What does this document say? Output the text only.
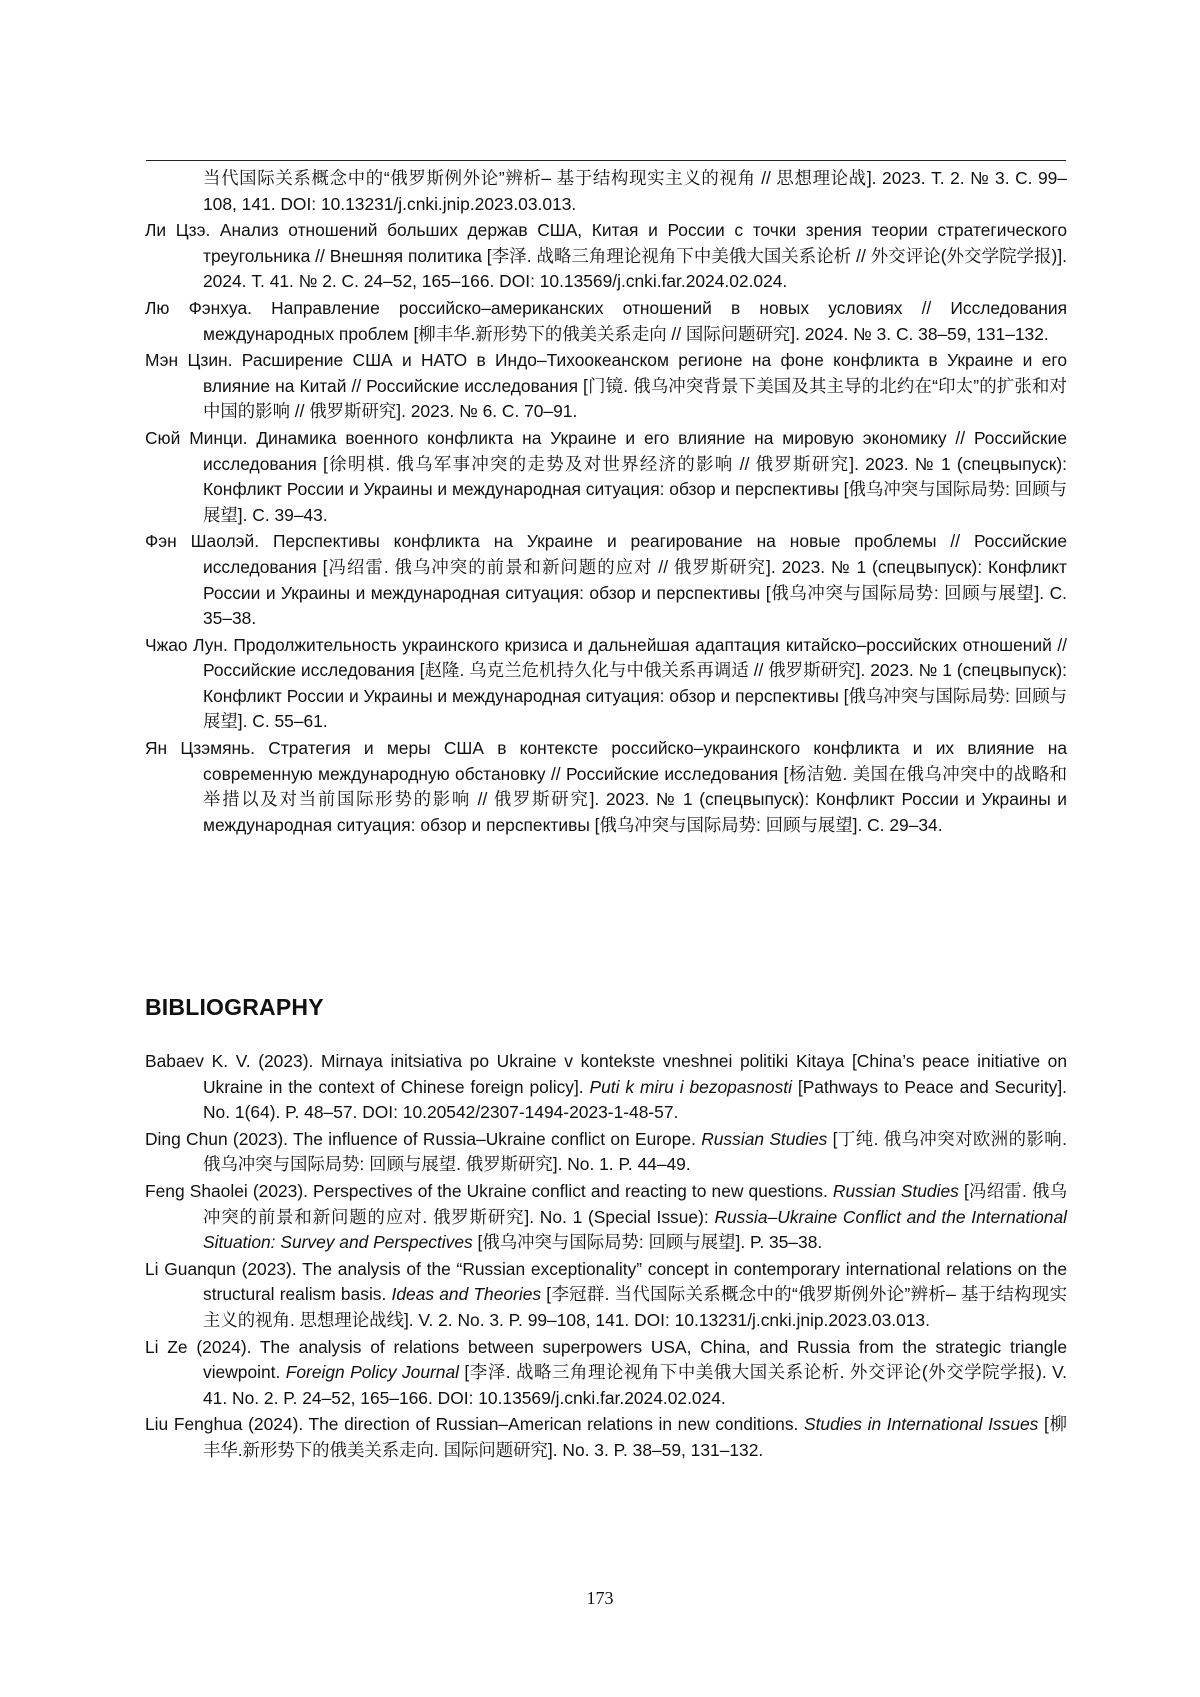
当代国际关系概念中的“俄罗斯例外论”辨析– 基于结构现实主义的视角 // 思想理论战]. 2023. Т. 2. № 3. С. 99–108, 141. DOI: 10.13231/j.cnki.jnip.2023.03.013.

Ли Цзэ. Анализ отношений больших держав США, Китая и России с точки зрения теории стратегического треугольника // Внешняя политика [李泽. 战略三角理论视角下中美俄大国关系论析 // 外交评论(外交学院学报)]. 2024. Т. 41. № 2. С. 24–52, 165–166. DOI: 10.13569/j.cnki.far.2024.02.024.

Лю Фэнхуа. Направление российско–американских отношений в новых условиях // Исследования международных проблем [柳丰华.新形势下的俄美关系走向 // 国际问题研究]. 2024. № 3. С. 38–59, 131–132.

Мэн Цзин. Расширение США и НАТО в Индо–Тихоокеанском регионе на фоне конфликта в Украине и его влияние на Китай // Российские исследования [门镜. 俄乌冲突背景下美国及其主导的北约在“印太”的扩张和对中国的影响 // 俄罗斯研究]. 2023. № 6. С. 70–91.

Сюй Минци. Динамика военного конфликта на Украине и его влияние на мировую экономику // Российские исследования [徐明棋. 俄乌军事冲突的走势及对世界经济的影响 // 俄罗斯研究]. 2023. № 1 (спецвыпуск): Конфликт России и Украины и международная ситуация: обзор и перспективы [俄乌冲突与国际局势: 回顾与展望]. С. 39–43.

Фэн Шаолэй. Перспективы конфликта на Украине и реагирование на новые проблемы // Российские исследования [冯绍雷. 俄乌冲突的前景和新问题的应对 // 俄罗斯研究]. 2023. № 1 (спецвыпуск): Конфликт России и Украины и международная ситуация: обзор и перспективы [俄乌冲突与国际局势: 回顾与展望]. С. 35–38.

Чжао Лун. Продолжительность украинского кризиса и дальнейшая адаптация китайско–российских отношений // Российские исследования [赵隆. 乌克兰危机持久化与中俄关系再调适 // 俄罗斯研究]. 2023. № 1 (спецвыпуск): Конфликт России и Украины и международная ситуация: обзор и перспективы [俄乌冲突与国际局势: 回顾与展望]. С. 55–61.

Ян Цзэмянь. Стратегия и меры США в контексте российско–украинского конфликта и их влияние на современную международную обстановку // Российские исследования [杨洁勉. 美国在俄乌冲突中的战略和举措以及对当前国际形势的影响 // 俄罗斯研究]. 2023. № 1 (спецвыпуск): Конфликт России и Украины и международная ситуация: обзор и перспективы [俄乌冲突与国际局势: 回顾与展望]. С. 29–34.

BIBLIOGRAPHY

Babaev K. V. (2023). Mirnaya initsiativa po Ukraine v kontekste vneshnei politiki Kitaya [China’s peace initiative on Ukraine in the context of Chinese foreign policy]. Puti k miru i bezopasnosti [Pathways to Peace and Security]. No. 1(64). P. 48–57. DOI: 10.20542/2307-1494-2023-1-48-57.

Ding Chun (2023). The influence of Russia–Ukraine conflict on Europe. Russian Studies [丁纯. 俄乌冲突对欧洲的影响. 俄乌冲突与国际局势: 回顾与展望. 俄罗斯研究]. No. 1. P. 44–49.

Feng Shaolei (2023). Perspectives of the Ukraine conflict and reacting to new questions. Russian Studies [冯绍雷. 俄乌冲突的前景和新问题的应对. 俄罗斯研究]. No. 1 (Special Issue): Russia–Ukraine Conflict and the International Situation: Survey and Perspectives [俄乌冲突与国际局势: 回顾与展望]. P. 35–38.

Li Guanqun (2023). The analysis of the “Russian exceptionality” concept in contemporary international relations on the structural realism basis. Ideas and Theories [李冠群. 当代国际关系概念中的“俄罗斯例外论”辨析– 基于结构现实主义的视角. 思想理论战线]. V. 2. No. 3. P. 99–108, 141. DOI: 10.13231/j.cnki.jnip.2023.03.013.

Li Ze (2024). The analysis of relations between superpowers USA, China, and Russia from the strategic triangle viewpoint. Foreign Policy Journal [李泽. 战略三角理论视角下中美俄大国关系论析. 外交评论(外交学院学报). V. 41. No. 2. P. 24–52, 165–166. DOI: 10.13569/j.cnki.far.2024.02.024.

Liu Fenghua (2024). The direction of Russian–American relations in new conditions. Studies in International Issues [柳丰华.新形势下的俄美关系走向. 国际问题研究]. No. 3. P. 38–59, 131–132.

173
